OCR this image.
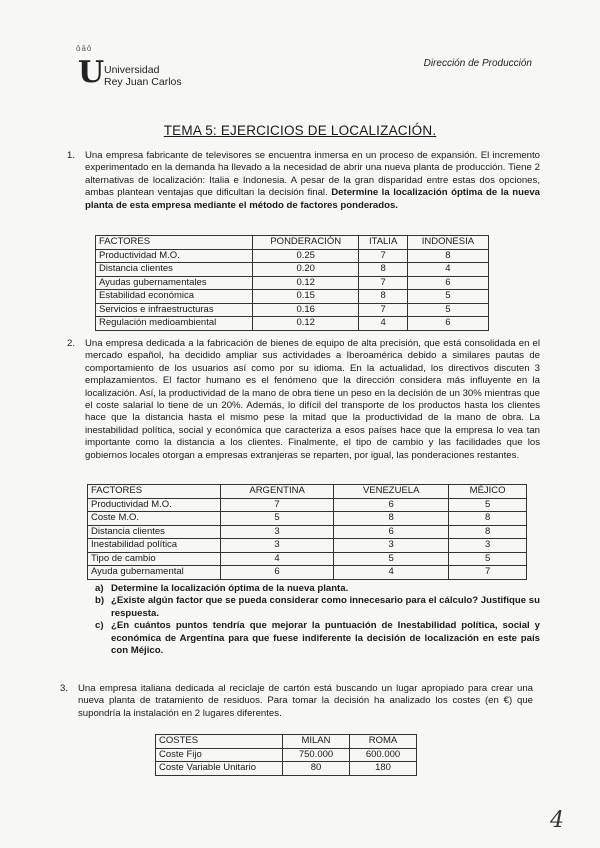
ōāō
U Universidad
Rey Juan Carlos
Dirección de Producción
TEMA 5: EJERCICIOS DE LOCALIZACIÓN.
1. Una empresa fabricante de televisores se encuentra inmersa en un proceso de expansión. El incremento experimentado en la demanda ha llevado a la necesidad de abrir una nueva planta de producción. Tiene 2 alternativas de localización: Italia e Indonesia. A pesar de la gran disparidad entre estas dos opciones, ambas plantean ventajas que dificultan la decisión final. Determine la localización óptima de la nueva planta de esta empresa mediante el método de factores ponderados.
FACTORES	PONDERACIÓN	ITALIA	INDONESIA
Productividad M.O.	0.25	7	8
Distancia clientes	0.20	8	4
Ayudas gubernamentales	0.12	7	6
Estabilidad económica	0.15	8	5
Servicios e infraestructuras	0.16	7	5
Regulación medioambiental	0.12	4	6
2. Una empresa dedicada a la fabricación de bienes de equipo de alta precisión, que está consolidada en el mercado español, ha decidido ampliar sus actividades a Iberoamérica debido a similares pautas de comportamiento de los usuarios así como por su idioma. En la actualidad, los directivos discuten 3 emplazamientos. El factor humano es el fenómeno que la dirección considera más influyente en la localización. Así, la productividad de la mano de obra tiene un peso en la decisión de un 30% mientras que el coste salarial lo tiene de un 20%. Además, lo difícil del transporte de los productos hasta los clientes hace que la distancia hasta el mismo pese la mitad que la productividad de la mano de obra. La inestabilidad política, social y económica que caracteriza a esos países hace que la empresa lo vea tan importante como la distancia a los clientes. Finalmente, el tipo de cambio y las facilidades que los gobiernos locales otorgan a empresas extranjeras se reparten, por igual, las ponderaciones restantes.
FACTORES	ARGENTINA	VENEZUELA	MÉJICO
Productividad M.O.	7	6	5
Coste M.O.	5	8	8
Distancia clientes	3	6	8
Inestabilidad política	3	3	3
Tipo de cambio	4	5	5
Ayuda gubernamental	6	4	7
a) Determine la localización óptima de la nueva planta.
b) ¿Existe algún factor que se pueda considerar como innecesario para el cálculo? Justifique su respuesta.
c) ¿En cuántos puntos tendría que mejorar la puntuación de Inestabilidad política, social y económica de Argentina para que fuese indiferente la decisión de localización en este país con Méjico.
3. Una empresa italiana dedicada al reciclaje de cartón está buscando un lugar apropiado para crear una nueva planta de tratamiento de residuos. Para tomar la decisión ha analizado los costes (en €) que supondría la instalación en 2 lugares diferentes.
COSTES	MILAN	ROMA
Coste Fijo	750.000	600.000
Coste Variable Unitario	80	180
4
